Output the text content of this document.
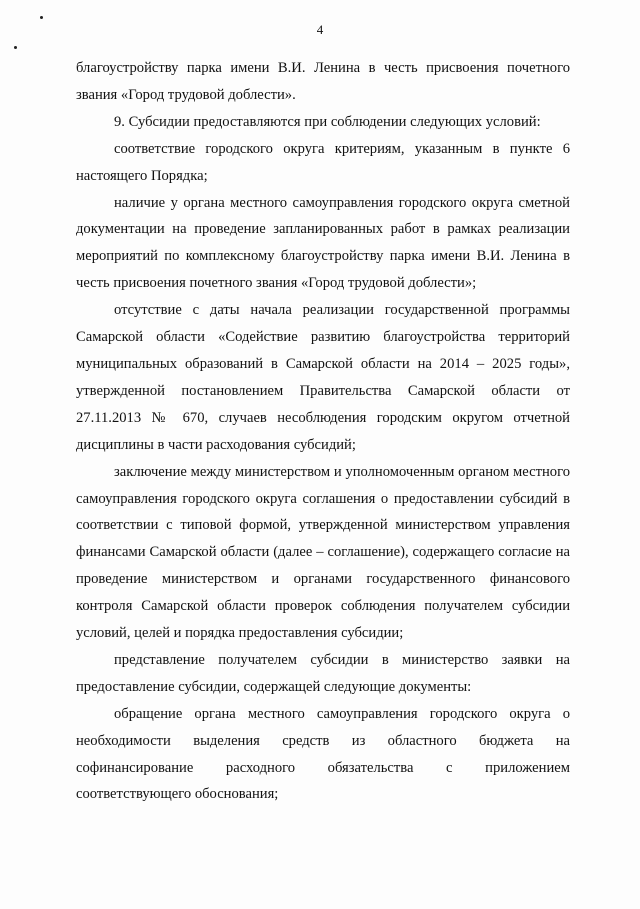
4

благоустройству парка имени В.И. Ленина в честь присвоения почетного звания «Город трудовой доблести».

9. Субсидии предоставляются при соблюдении следующих условий:

соответствие городского округа критериям, указанным в пункте 6 настоящего Порядка;

наличие у органа местного самоуправления городского округа сметной документации на проведение запланированных работ в рамках реализации мероприятий по комплексному благоустройству парка имени В.И. Ленина в честь присвоения почетного звания «Город трудовой доблести»;

отсутствие с даты начала реализации государственной программы Самарской области «Содействие развитию благоустройства территорий муниципальных образований в Самарской области на 2014 – 2025 годы», утвержденной постановлением Правительства Самарской области от 27.11.2013 № 670, случаев несоблюдения городским округом отчетной дисциплины в части расходования субсидий;

заключение между министерством и уполномоченным органом местного самоуправления городского округа соглашения о предоставлении субсидий в соответствии с типовой формой, утвержденной министерством управления финансами Самарской области (далее – соглашение), содержащего согласие на проведение министерством и органами государственного финансового контроля Самарской области проверок соблюдения получателем субсидии условий, целей и порядка предоставления субсидии;

представление получателем субсидии в министерство заявки на предоставление субсидии, содержащей следующие документы:

обращение органа местного самоуправления городского округа о необходимости выделения средств из областного бюджета на софинансирование расходного обязательства с приложением соответствующего обоснования;
